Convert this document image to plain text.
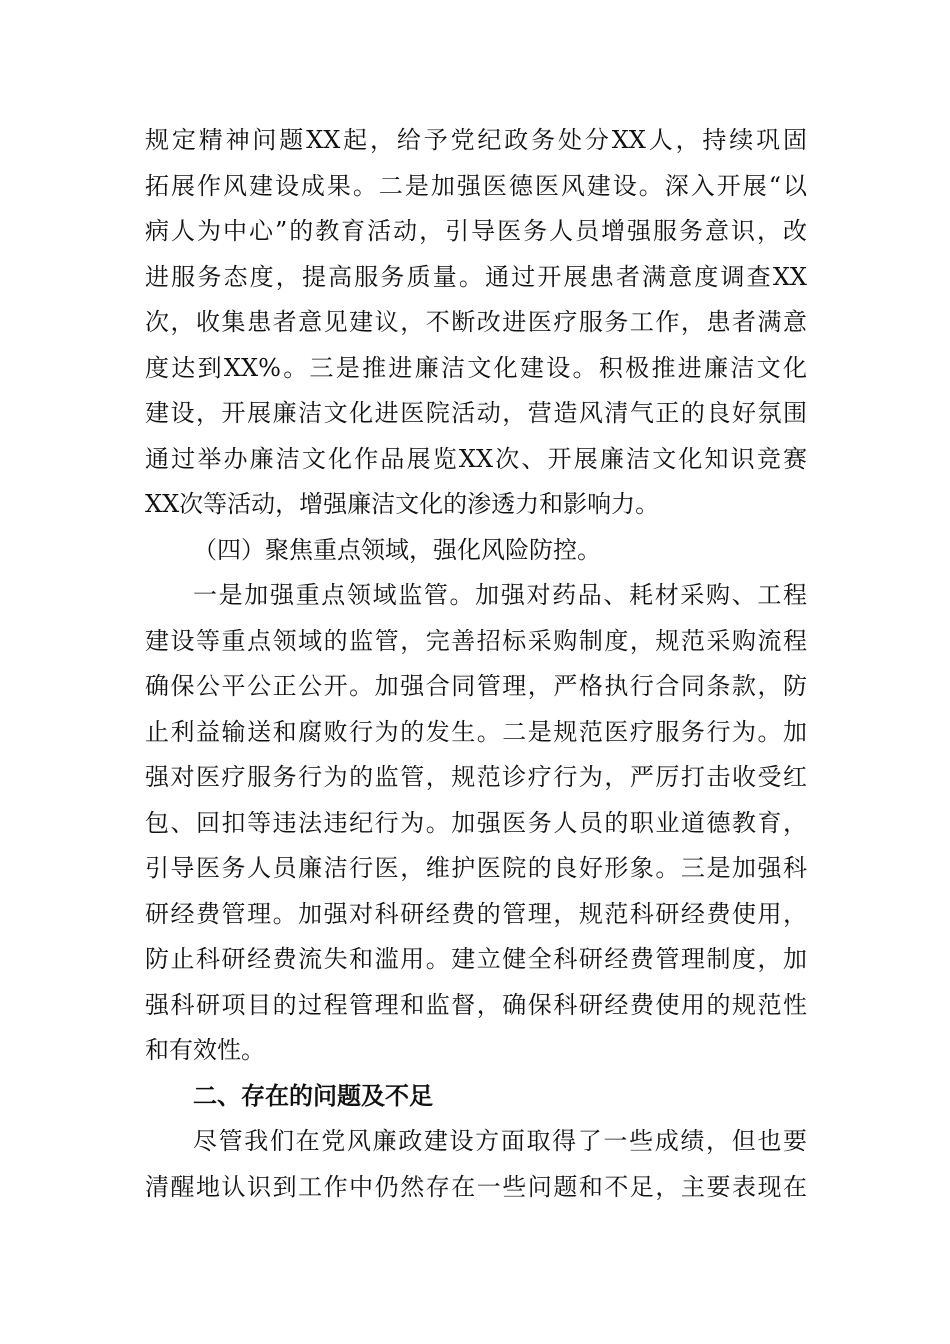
规定精神问题XX起，给予党纪政务处分XX人，持续巩固
拓展作风建设成果。二是加强医德医风建设。深入开展“以
病人为中心”的教育活动，引导医务人员增强服务意识，改
进服务态度，提高服务质量。通过开展患者满意度调查XX
次，收集患者意见建议，不断改进医疗服务工作，患者满意
度达到XX%。三是推进廉洁文化建设。积极推进廉洁文化
建设，开展廉洁文化进医院活动，营造风清气正的良好氛围
通过举办廉洁文化作品展览XX次、开展廉洁文化知识竞赛
XX次等活动，增强廉洁文化的渗透力和影响力。
（四）聚焦重点领域，强化风险防控。
一是加强重点领域监管。加强对药品、耗材采购、工程
建设等重点领域的监管，完善招标采购制度，规范采购流程
确保公平公正公开。加强合同管理，严格执行合同条款，防
止利益输送和腐败行为的发生。二是规范医疗服务行为。加
强对医疗服务行为的监管，规范诊疗行为，严厉打击收受红
包、回扣等违法违纪行为。加强医务人员的职业道德教育，
引导医务人员廉洁行医，维护医院的良好形象。三是加强科
研经费管理。加强对科研经费的管理，规范科研经费使用，
防止科研经费流失和滥用。建立健全科研经费管理制度，加
强科研项目的过程管理和监督，确保科研经费使用的规范性
和有效性。
二、存在的问题及不足
尽管我们在党风廉政建设方面取得了一些成绩，但也要
清醒地认识到工作中仍然存在一些问题和不足，主要表现在
